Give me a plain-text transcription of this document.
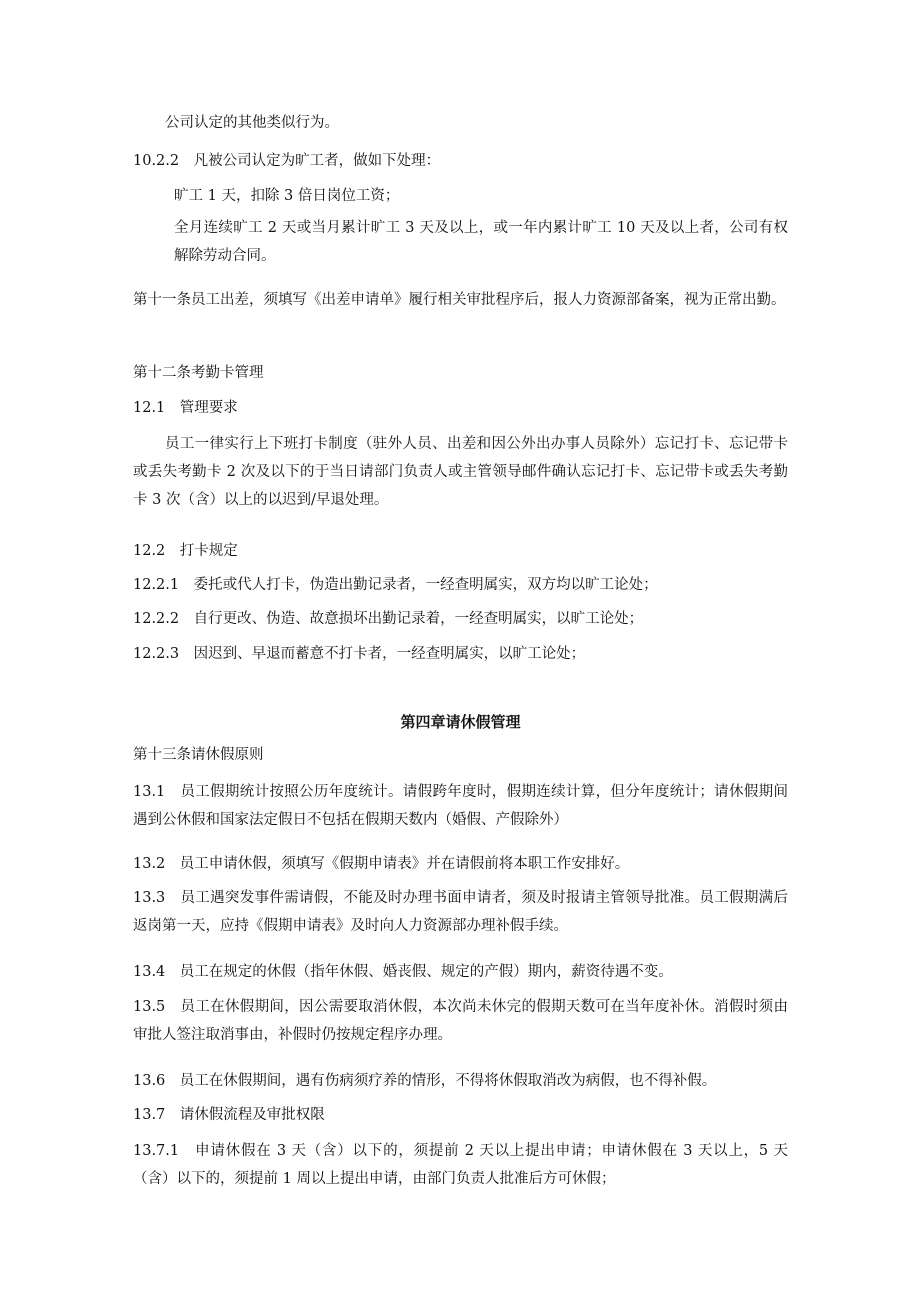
公司认定的其他类似行为。

10.2.2　凡被公司认定为旷工者，做如下处理：

旷工 1 天，扣除 3 倍日岗位工资；

全月连续旷工 2 天或当月累计旷工 3 天及以上，或一年内累计旷工 10 天及以上者，公司有权解除劳动合同。

第十一条员工出差，须填写《出差申请单》履行相关审批程序后，报人力资源部备案，视为正常出勤。

第十二条考勤卡管理

12.1　管理要求

员工一律实行上下班打卡制度（驻外人员、出差和因公外出办事人员除外）忘记打卡、忘记带卡或丢失考勤卡 2 次及以下的于当日请部门负责人或主管领导邮件确认忘记打卡、忘记带卡或丢失考勤卡 3 次（含）以上的以迟到/早退处理。

12.2　打卡规定

12.2.1　委托或代人打卡，伪造出勤记录者，一经查明属实，双方均以旷工论处；

12.2.2　自行更改、伪造、故意损坏出勤记录着，一经查明属实，以旷工论处；

12.2.3　因迟到、早退而蓄意不打卡者，一经查明属实，以旷工论处；

第四章请休假管理

第十三条请休假原则

13.1　员工假期统计按照公历年度统计。请假跨年度时，假期连续计算，但分年度统计；请休假期间遇到公休假和国家法定假日不包括在假期天数内（婚假、产假除外）

13.2　员工申请休假，须填写《假期申请表》并在请假前将本职工作安排好。

13.3　员工遇突发事件需请假，不能及时办理书面申请者，须及时报请主管领导批准。员工假期满后返岗第一天，应持《假期申请表》及时向人力资源部办理补假手续。

13.4　员工在规定的休假（指年休假、婚丧假、规定的产假）期内，薪资待遇不变。

13.5　员工在休假期间，因公需要取消休假，本次尚未休完的假期天数可在当年度补休。消假时须由审批人签注取消事由，补假时仍按规定程序办理。

13.6　员工在休假期间，遇有伤病须疗养的情形，不得将休假取消改为病假，也不得补假。

13.7　请休假流程及审批权限

13.7.1　申请休假在 3 天（含）以下的，须提前 2 天以上提出申请；申请休假在 3 天以上，5 天（含）以下的，须提前 1 周以上提出申请，由部门负责人批准后方可休假；
